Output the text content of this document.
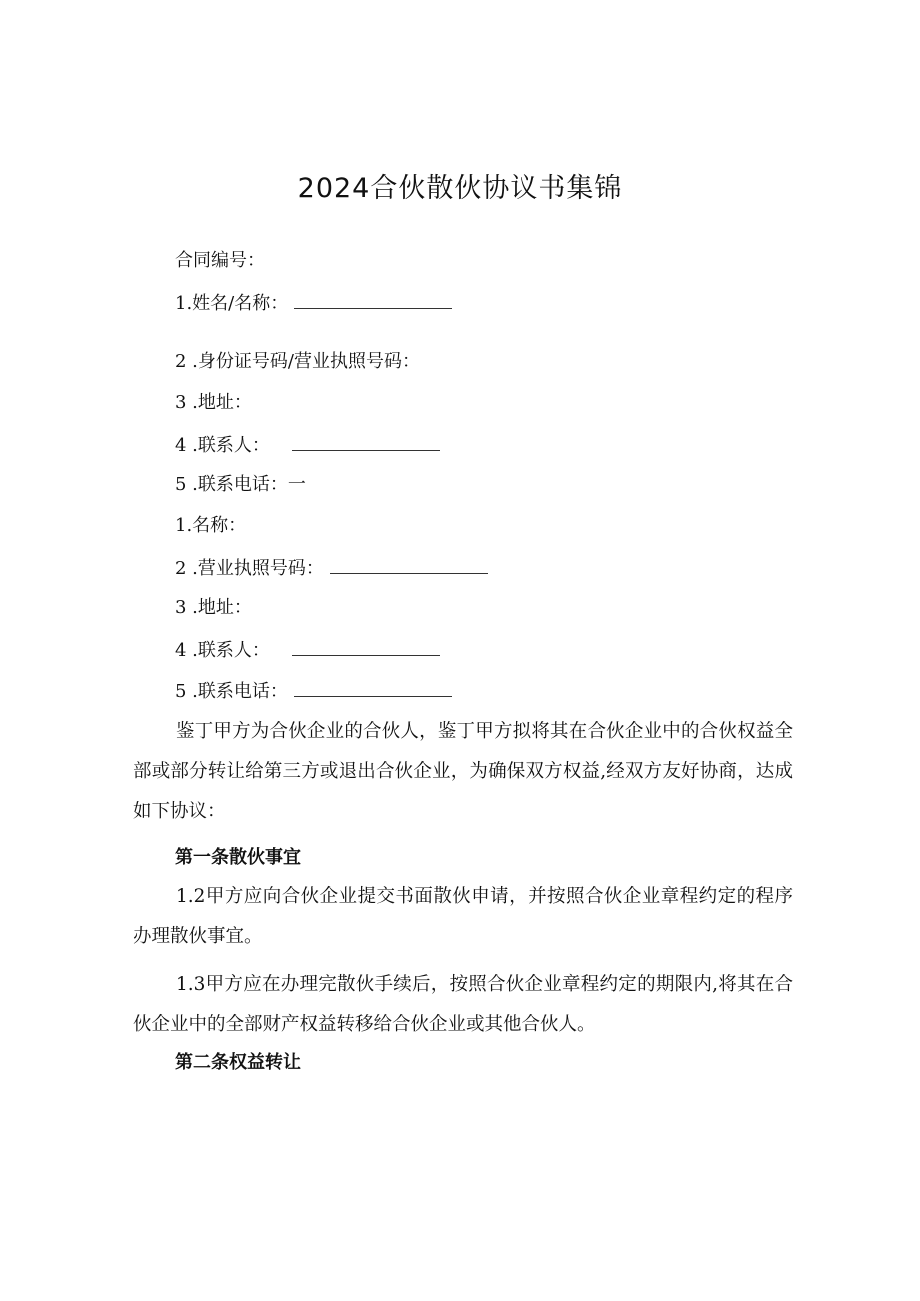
2024合伙散伙协议书集锦
合同编号：
1.姓名/名称：
2 .身份证号码/营业执照号码：
3 .地址：
4 .联系人：
5 .联系电话：一
1.名称：
2 .营业执照号码：
3 .地址：
4 .联系人：
5 .联系电话：

鉴丁甲方为合伙企业的合伙人，鉴丁甲方拟将其在合伙企业中的合伙权益全部或部分转让给第三方或退出合伙企业，为确保双方权益,经双方友好协商，达成如下协议：

第一条散伙事宜

1.2甲方应向合伙企业提交书面散伙申请，并按照合伙企业章程约定的程序办理散伙事宜。

1.3甲方应在办理完散伙手续后，按照合伙企业章程约定的期限内,将其在合伙企业中的全部财产权益转移给合伙企业或其他合伙人。

第二条权益转让
